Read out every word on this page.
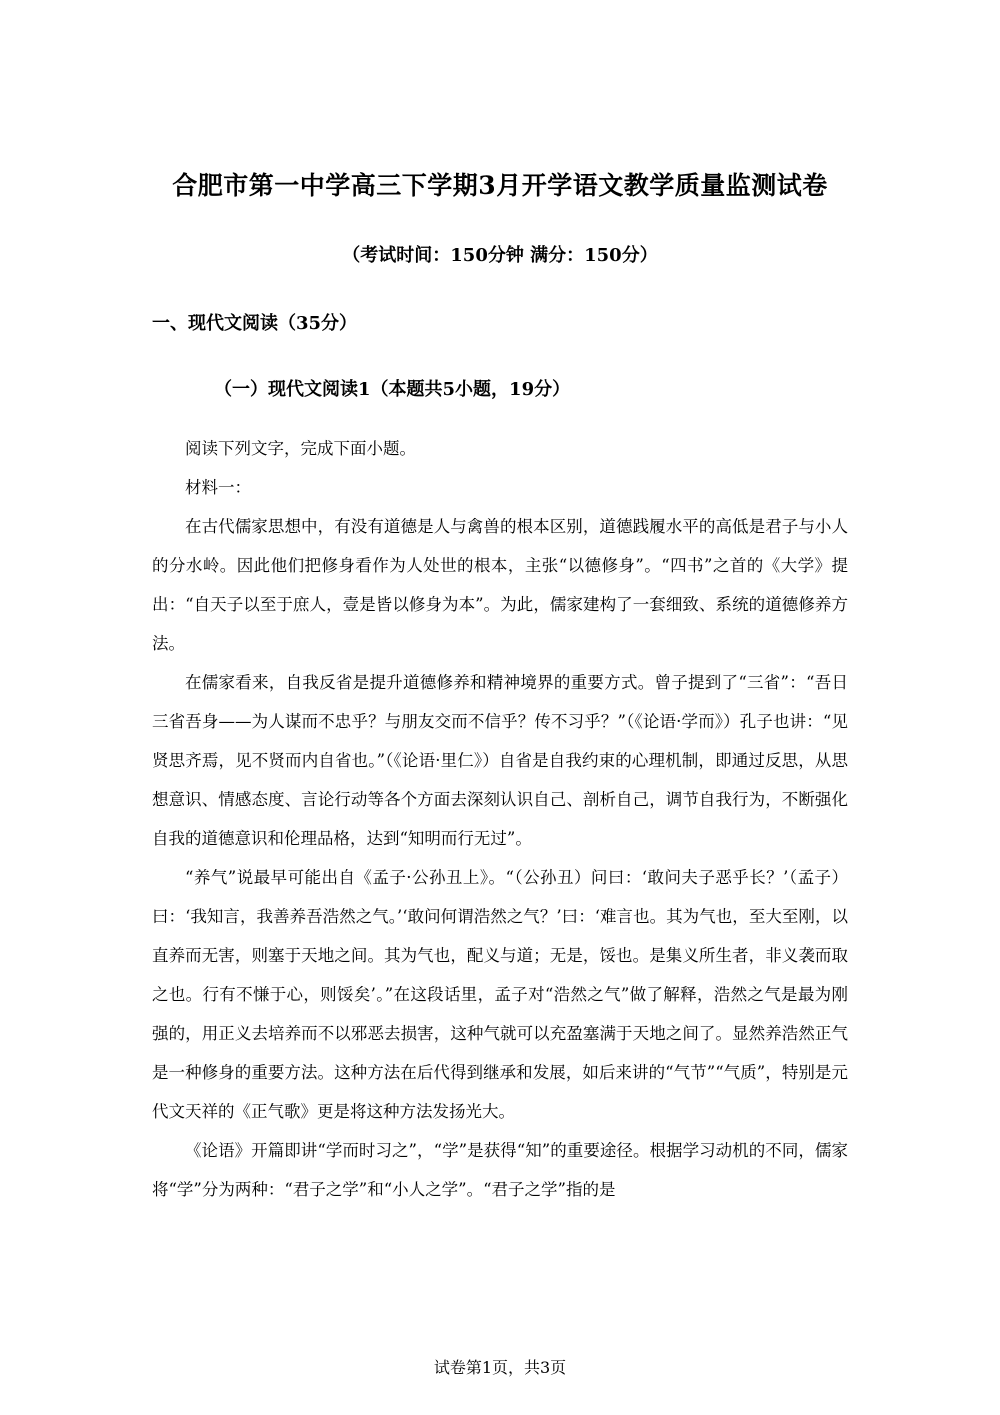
合肥市第一中学高三下学期3月开学语文教学质量监测试卷
（考试时间：150分钟 满分：150分）
一、现代文阅读（35分）
（一）现代文阅读1（本题共5小题，19分）

阅读下列文字，完成下面小题。

材料一：

在古代儒家思想中，有没有道德是人与禽兽的根本区别，道德践履水平的高低是君子与小人的分水岭。因此他们把修身看作为人处世的根本，主张“以德修身”。“四书”之首的《大学》提出：“自天子以至于庶人，壹是皆以修身为本”。为此，儒家建构了一套细致、系统的道德修养方法。

在儒家看来，自我反省是提升道德修养和精神境界的重要方式。曾子提到了“三省”：“吾日三省吾身——为人谋而不忠乎？与朋友交而不信乎？传不习乎？”（《论语·学而》）孔子也讲：“见贤思齐焉，见不贤而内自省也。”（《论语·里仁》）自省是自我约束的心理机制，即通过反思，从思想意识、情感态度、言论行动等各个方面去深刻认识自己、剖析自己，调节自我行为，不断强化自我的道德意识和伦理品格，达到“知明而行无过”。

“养气”说最早可能出自《孟子·公孙丑上》。“（公孙丑）问曰：‘敢问夫子恶乎长？’（孟子）曰：‘我知言，我善养吾浩然之气。’‘敢问何谓浩然之气？’曰：‘难言也。其为气也，至大至刚，以直养而无害，则塞于天地之间。其为气也，配义与道；无是，馁也。是集义所生者，非义袭而取之也。行有不慊于心，则馁矣’。”在这段话里，孟子对“浩然之气”做了解释，浩然之气是最为刚强的，用正义去培养而不以邪恶去损害，这种气就可以充盈塞满于天地之间了。显然养浩然正气是一种修身的重要方法。这种方法在后代得到继承和发展，如后来讲的“气节”“气质”，特别是元代文天祥的《正气歌》更是将这种方法发扬光大。

《论语》开篇即讲“学而时习之”，“学”是获得“知”的重要途径。根据学习动机的不同，儒家将“学”分为两种：“君子之学”和“小人之学”。“君子之学”指的是

试卷第1页，共3页
